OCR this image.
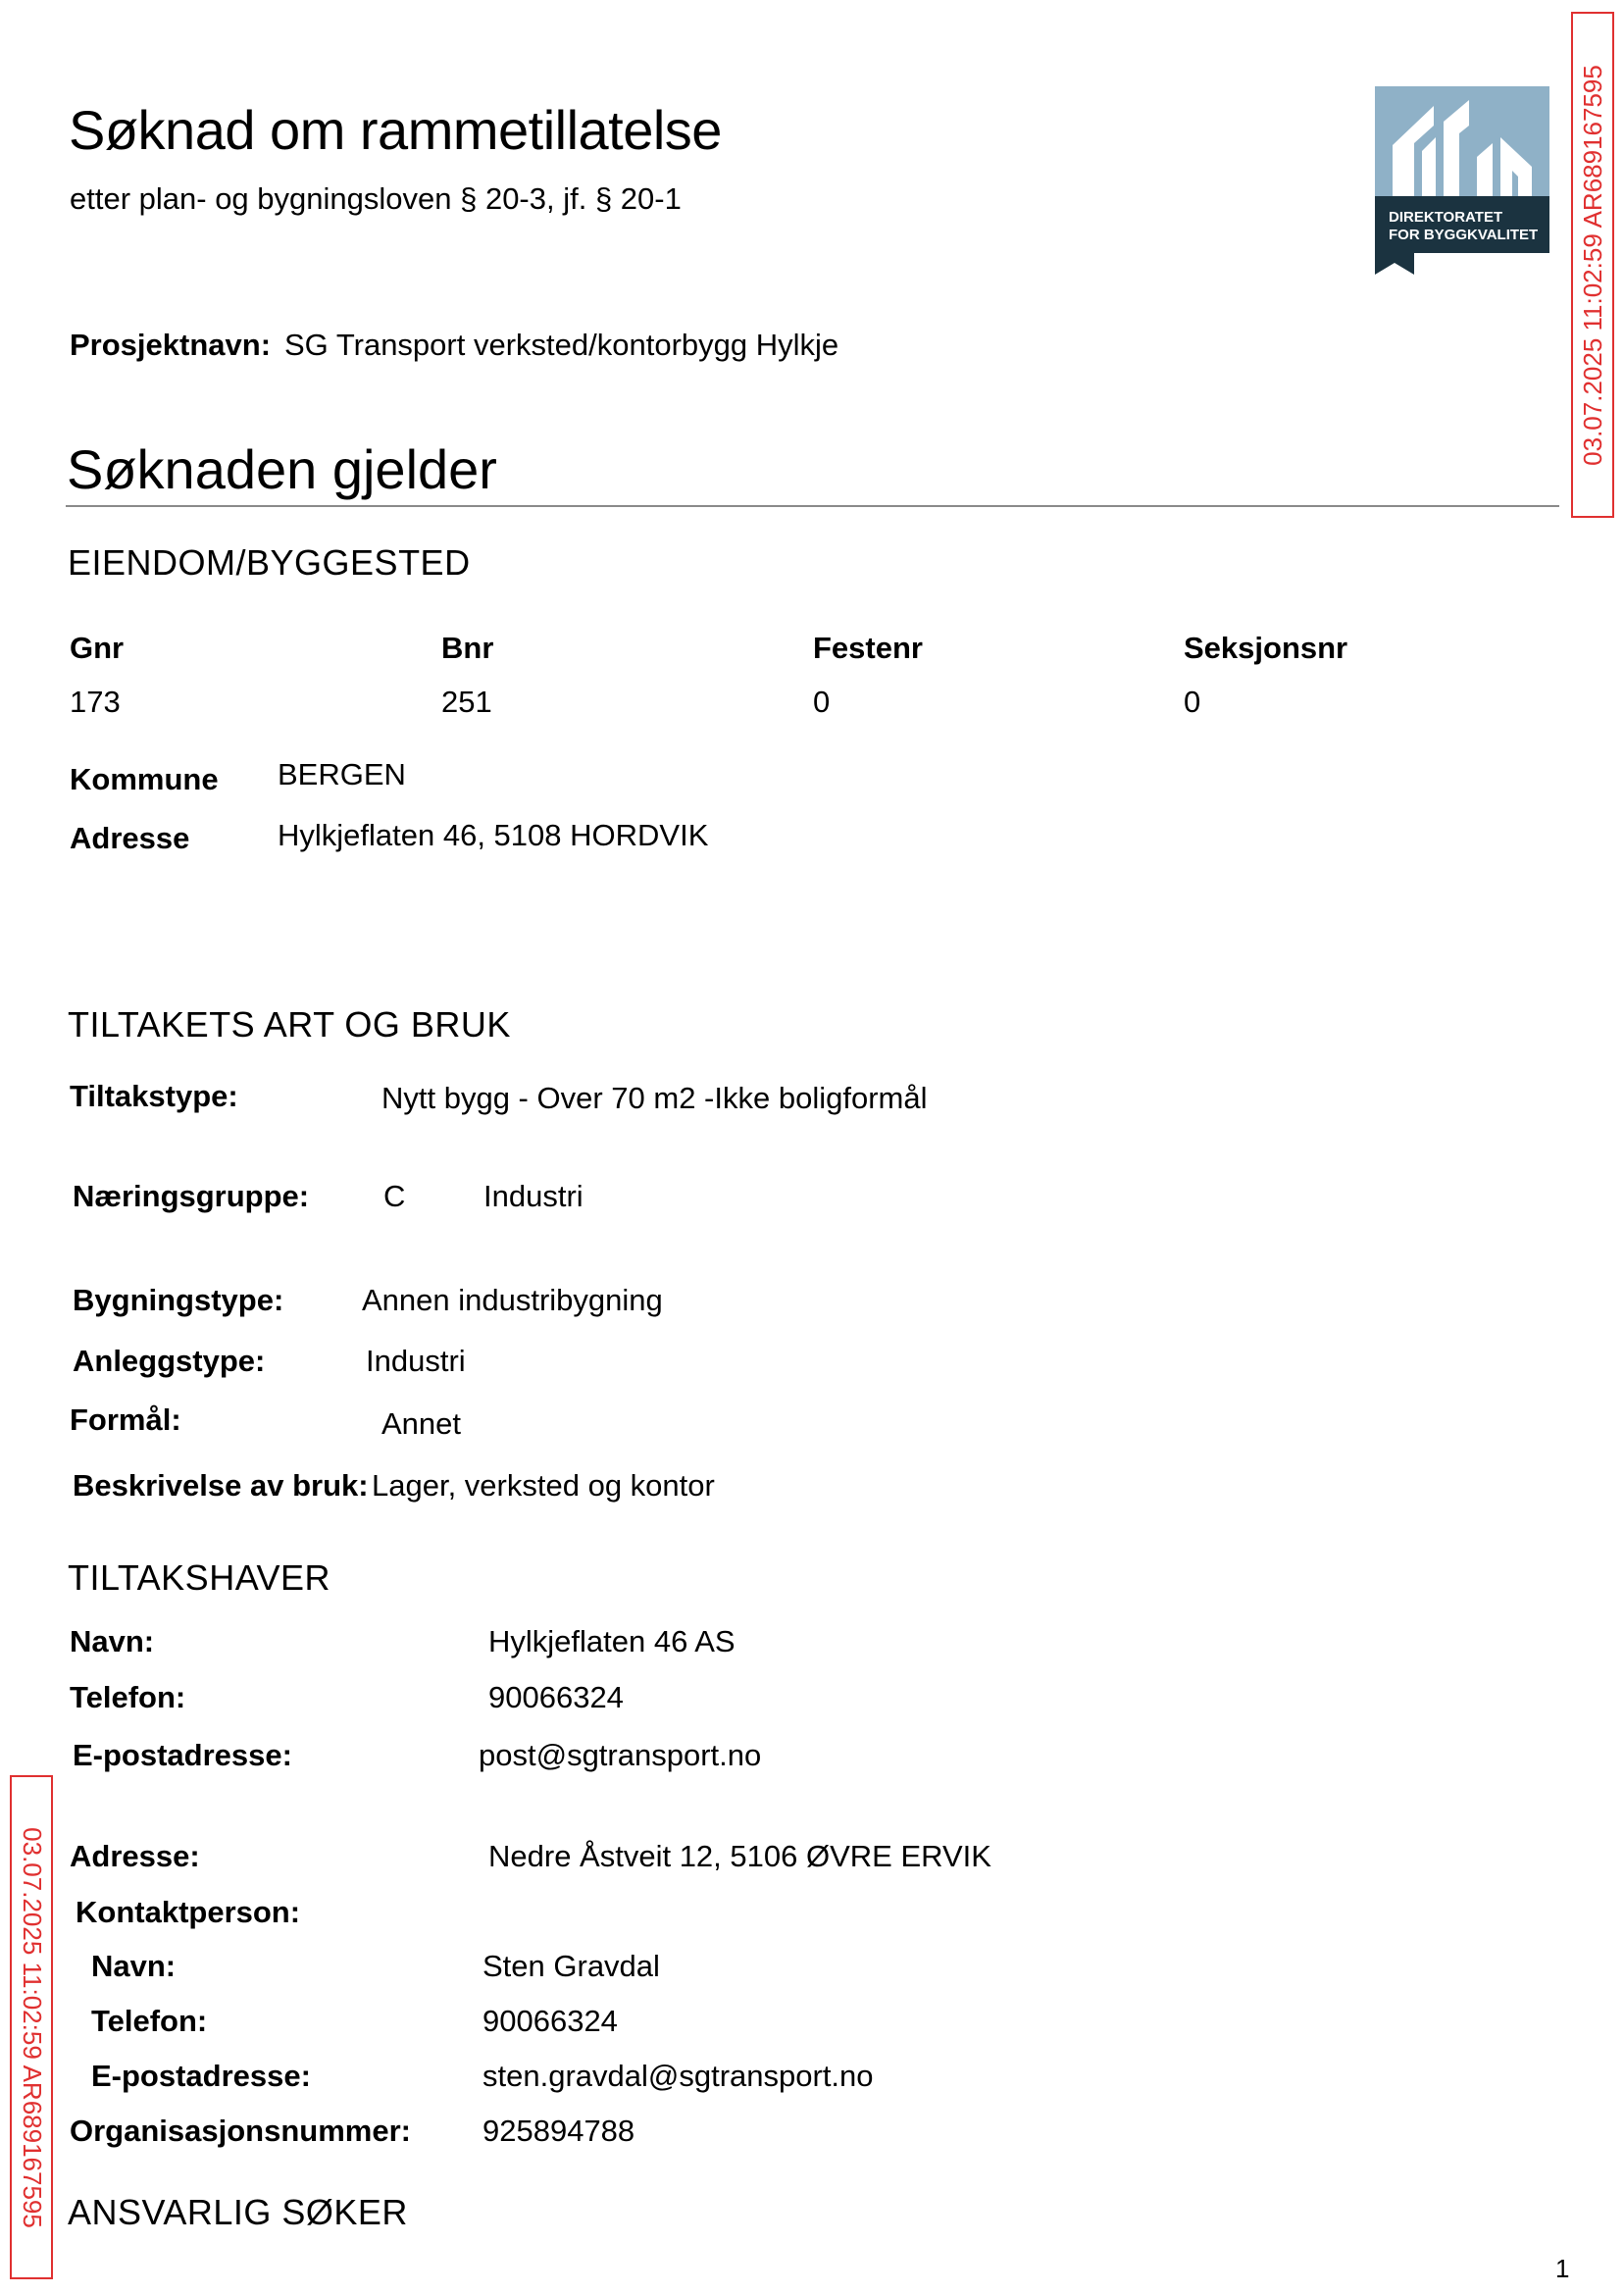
Søknad om rammetillatelse
etter plan- og bygningsloven § 20-3, jf. § 20-1
DIREKTORATET
FOR BYGGKVALITET 03.07.2025 11:02:59 AR689167595
03.07.2025 11:02:59 AR689167595
Prosjektnavn: SG Transport verksted/kontorbygg Hylkje
Søknaden gjelder
EIENDOM/BYGGESTED
Gnr	Bnr	Festenr	Seksjonsnr
173	251	0	0
Kommune BERGEN
Adresse	Hylkjeflaten 46, 5108 HORDVIK
TILTAKETS ART OG BRUK
Tiltakstype:	Nytt bygg - Over 70 m2 -Ikke boligformål
Næringsgruppe: C	Industri
Bygningstype:	Annen industribygning
Anleggstype:	Industri
Formål:	Annet
Beskrivelse av bruk: Lager, verksted og kontor
TILTAKSHAVER
Navn:	Hylkjeflaten 46 AS
Telefon:	90066324
E-postadresse:	post@sgtransport.no
Adresse:	Nedre Åstveit 12, 5106 ØVRE ERVIK
Kontaktperson:
Navn:	Sten Gravdal
Telefon:	90066324
E-postadresse:	sten.gravdal@sgtransport.no
Organisasjonsnummer: 925894788
ANSVARLIG SØKER
1
